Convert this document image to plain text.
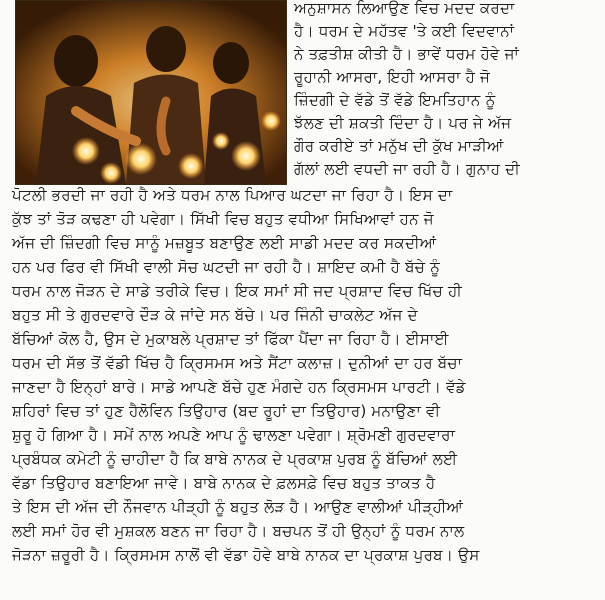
ਅਨੁਸ਼ਾਸਨ ਲਿਆਉਣ ਵਿਚ ਮਦਦ ਕਰਦਾ
ਹੈ। ਧਰਮ ਦੇ ਮਹੱਤਵ 'ਤੇ ਕਈ ਵਿਦਵਾਨਾਂ
ਨੇ ਤਫ਼ਤੀਸ਼ ਕੀਤੀ ਹੈ। ਭਾਵੇਂ ਧਰਮ ਹੋਵੇ ਜਾਂ
ਰੂਹਾਨੀ ਆਸਰਾ, ਇਹੀ ਆਸਰਾ ਹੈ ਜੋ
ਜ਼ਿੰਦਗੀ ਦੇ ਵੱਡੇ ਤੋਂ ਵੱਡੇ ਇਮਤਿਹਾਨ ਨੂੰ
ਝੱਲਣ ਦੀ ਸ਼ਕਤੀ ਦਿੰਦਾ ਹੈ। ਪਰ ਜੇ ਅੱਜ
ਗੌਰ ਕਰੀਏ ਤਾਂ ਮਨੁੱਖ ਦੀ ਕੁੱਖ ਮਾੜੀਆਂ
ਗੱਲਾਂ ਲਈ ਵਧਦੀ ਜਾ ਰਹੀ ਹੈ। ਗੁਨਾਹ ਦੀ
ਪੋਟਲੀ ਭਰਦੀ ਜਾ ਰਹੀ ਹੈ ਅਤੇ ਧਰਮ ਨਾਲ ਪਿਆਰ ਘਟਦਾ ਜਾ ਰਿਹਾ ਹੈ। ਇਸ ਦਾ
ਕੁੱਝ ਤਾਂ ਤੋੜ ਕਢਣਾ ਹੀ ਪਵੇਗਾ। ਸਿੱਖੀ ਵਿਚ ਬਹੁਤ ਵਧੀਆ ਸਿਖਿਆਵਾਂ ਹਨ ਜੋ
ਅੱਜ ਦੀ ਜ਼ਿੰਦਗੀ ਵਿਚ ਸਾਨੂੰ ਮਜ਼ਬੂਤ ਬਣਾਉਣ ਲਈ ਸਾਡੀ ਮਦਦ ਕਰ ਸਕਦੀਆਂ
ਹਨ ਪਰ ਫਿਰ ਵੀ ਸਿੱਖੀ ਵਾਲੀ ਸੋਚ ਘਟਦੀ ਜਾ ਰਹੀ ਹੈ। ਸ਼ਾਇਦ ਕਮੀ ਹੈ ਬੱਚੇ ਨੂੰ
ਧਰਮ ਨਾਲ ਜੋੜਨ ਦੇ ਸਾਡੇ ਤਰੀਕੇ ਵਿਚ। ਇਕ ਸਮਾਂ ਸੀ ਜਦ ਪ੍ਰਸ਼ਾਦ ਵਿਚ ਖਿੱਚ ਹੀ
ਬਹੁਤ ਸੀ ਤੇ ਗੁਰਦਵਾਰੇ ਦੌੜ ਕੇ ਜਾਂਦੇ ਸਨ ਬੱਚੇ। ਪਰ ਜਿੰਨੀ ਚਾਕਲੇਟ ਅੱਜ ਦੇ
ਬੱਚਿਆਂ ਕੋਲ ਹੈ, ਉਸ ਦੇ ਮੁਕਾਬਲੇ ਪ੍ਰਸ਼ਾਦ ਤਾਂ ਫਿੱਕਾ ਪੈਂਦਾ ਜਾ ਰਿਹਾ ਹੈ। ਈਸਾਈ
ਧਰਮ ਦੀ ਸੱਭ ਤੋਂ ਵੱਡੀ ਖਿੱਚ ਹੈ ਕ੍ਰਿਸਮਸ ਅਤੇ ਸੈਂਟਾ ਕਲਾਜ਼। ਦੁਨੀਆਂ ਦਾ ਹਰ ਬੱਚਾ
ਜਾਣਦਾ ਹੈ ਇਨ੍ਹਾਂ ਬਾਰੇ। ਸਾਡੇ ਆਪਣੇ ਬੱਚੇ ਹੁਣ ਮੰਗਦੇ ਹਨ ਕ੍ਰਿਸਮਸ ਪਾਰਟੀ। ਵੱਡੇ
ਸ਼ਹਿਰਾਂ ਵਿਚ ਤਾਂ ਹੁਣ ਹੈਲੋਵਿਨ ਤਿਉਹਾਰ (ਬਦ ਰੂਹਾਂ ਦਾ ਤਿਉਹਾਰ) ਮਨਾਉਣਾ ਵੀ
ਸ਼ੁਰੂ ਹੋ ਗਿਆ ਹੈ। ਸਮੇਂ ਨਾਲ ਅਪਣੇ ਆਪ ਨੂੰ ਢਾਲਣਾ ਪਵੇਗਾ। ਸ਼੍ਰੋਮਣੀ ਗੁਰਦਵਾਰਾ
ਪ੍ਰਬੰਧਕ ਕਮੇਟੀ ਨੂੰ ਚਾਹੀਦਾ ਹੈ ਕਿ ਬਾਬੇ ਨਾਨਕ ਦੇ ਪ੍ਰਕਾਸ਼ ਪੁਰਬ ਨੂੰ ਬੱਚਿਆਂ ਲਈ
ਵੱਡਾ ਤਿਉਹਾਰ ਬਣਾਇਆ ਜਾਵੇ। ਬਾਬੇ ਨਾਨਕ ਦੇ ਫ਼ਲਸਫ਼ੇ ਵਿਚ ਬਹੁਤ ਤਾਕਤ ਹੈ
ਤੇ ਇਸ ਦੀ ਅੱਜ ਦੀ ਨੌਜਵਾਨ ਪੀੜ੍ਹੀ ਨੂੰ ਬਹੁਤ ਲੋੜ ਹੈ। ਆਉਣ ਵਾਲੀਆਂ ਪੀੜ੍ਹੀਆਂ
ਲਈ ਸਮਾਂ ਹੋਰ ਵੀ ਮੁਸ਼ਕਲ ਬਣਨ ਜਾ ਰਿਹਾ ਹੈ। ਬਚਪਨ ਤੋਂ ਹੀ ਉਨ੍ਹਾਂ ਨੂੰ ਧਰਮ ਨਾਲ
ਜੋੜਨਾ ਜ਼ਰੂਰੀ ਹੈ। ਕ੍ਰਿਸਮਸ ਨਾਲੋਂ ਵੀ ਵੱਡਾ ਹੋਵੇ ਬਾਬੇ ਨਾਨਕ ਦਾ ਪ੍ਰਕਾਸ਼ ਪੁਰਬ। ਉਸ
